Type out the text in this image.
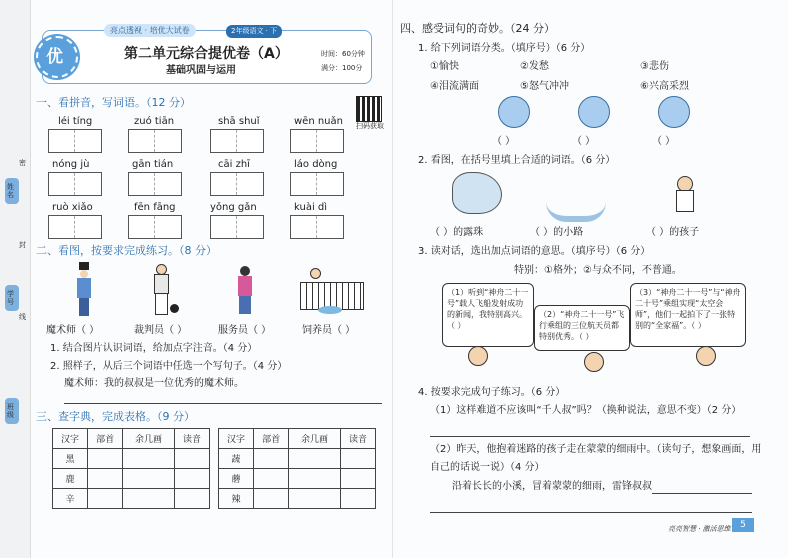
密
封
线
姓名
学号
班级
亮点透视 · 培优大试卷	2年级语文 · 下
优	第二单元综合提优卷（A）
基础巩固与运用
时间：60分钟
满分：100分
扫码获取
一、看拼音，写词语。（12 分）
léi tíng	zuó tiān	shā shuǐ	wēn nuǎn
nóng jù	gān tián	cāi zhī	láo dòng
ruò xiǎo	fēn fāng	yǒng gǎn	kuài dì
二、看图，按要求完成练习。（8 分）
魔术师（ ）	裁判员（ ）	服务员（ ）	饲养员（ ）
1. 结合图片认识词语，给加点字注音。（4 分）
2. 照样子，从后三个词语中任选一个写句子。（4 分）
魔术师：我的叔叔是一位优秀的魔术师。
三、查字典，完成表格。（9 分）
汉字	部首	余几画	读音
黑			
鹿			
辛			
汉字	部首	余几画	读音
蔬			
蘑			
辣			
四、感受词句的奇妙。（24 分）
1. 给下列词语分类。（填序号）（6 分）
①愉快	②发愁	③悲伤
④泪流满面	⑤怒气冲冲	⑥兴高采烈
（ ）	（ ）	（ ）
2. 看图，在括号里填上合适的词语。（6 分）
（ ）的露珠	（ ）的小路	（ ）的孩子
3. 读对话，选出加点词语的意思。（填序号）（6 分）
特别：①格外；②与众不同，不普通。
（1）听到“神舟二十一号”载人飞船发射成功的新闻，我特别高兴。（ ）
（2）“神舟二十一号”飞行乘组的三位航天员都特别优秀。（ ）
（3）“神舟二十一号”与“神舟二十号”乘组实现“太空会师”，他们一起拍下了一张特别的“全家福”。（ ）
4. 按要求完成句子练习。（6 分）
（1）这样难道不应该叫“千人叔”吗？（换种说法，意思不变）（2 分）
（2）昨天，他抱着迷路的孩子走在蒙蒙的细雨中。（读句子，想象画面，用
自己的话说一说）（4 分）
沿着长长的小溪，冒着蒙蒙的细雨，雷锋叔叔
亮亮智慧 · 激活思维	5
